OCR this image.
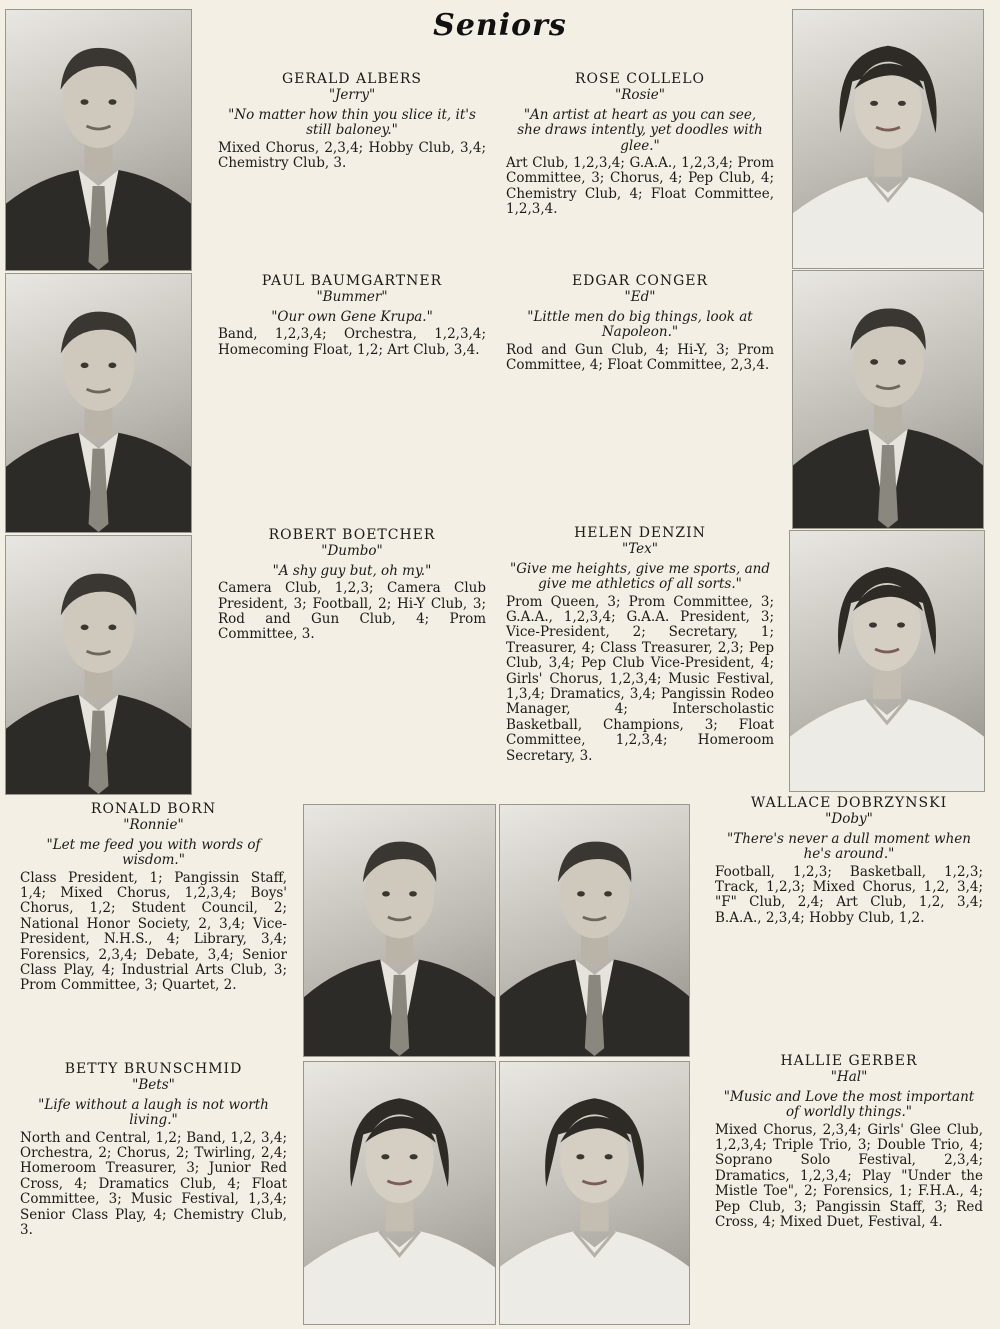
Seniors
GERALD ALBERS
"Jerry"
"No matter how thin you slice it, it's still baloney."
Mixed Chorus, 2,3,4; Hobby Club, 3,4; Chemistry Club, 3.
ROSE COLLELO
"Rosie"
"An artist at heart as you can see, she draws intently, yet doodles with glee."
Art Club, 1,2,3,4; G.A.A., 1,2,3,4; Prom Committee, 3; Chorus, 4; Pep Club, 4; Chemistry Club, 4; Float Committee, 1,2,3,4.
PAUL BAUMGARTNER
"Bummer"
"Our own Gene Krupa."
Band, 1,2,3,4; Orchestra, 1,2,3,4; Homecoming Float, 1,2; Art Club, 3,4.
EDGAR CONGER
"Ed"
"Little men do big things, look at Napoleon."
Rod and Gun Club, 4; Hi-Y, 3; Prom Committee, 4; Float Committee, 2,3,4.
ROBERT BOETCHER
"Dumbo"
"A shy guy but, oh my."
Camera Club, 1,2,3; Camera Club President, 3; Football, 2; Hi-Y Club, 3; Rod and Gun Club, 4; Prom Committee, 3.
HELEN DENZIN
"Tex"
"Give me heights, give me sports, and give me athletics of all sorts."
Prom Queen, 3; Prom Committee, 3; G.A.A., 1,2,3,4; G.A.A. President, 3; Vice-President, 2; Secretary, 1; Treasurer, 4; Class Treasurer, 2,3; Pep Club, 3,4; Pep Club Vice-President, 4; Girls' Chorus, 1,2,3,4; Music Festival, 1,3,4; Dramatics, 3,4; Pangissin Rodeo Manager, 4; Interscholastic Basketball, Champions, 3; Float Committee, 1,2,3,4; Homeroom Secretary, 3.
RONALD BORN
"Ronnie"
"Let me feed you with words of wisdom."
Class President, 1; Pangissin Staff, 1,4; Mixed Chorus, 1,2,3,4; Boys' Chorus, 1,2; Student Council, 2; National Honor Society, 2, 3,4; Vice-President, N.H.S., 4; Library, 3,4; Forensics, 2,3,4; Debate, 3,4; Senior Class Play, 4; Industrial Arts Club, 3; Prom Committee, 3; Quartet, 2.
WALLACE DOBRZYNSKI
"Doby"
"There's never a dull moment when he's around."
Football, 1,2,3; Basketball, 1,2,3; Track, 1,2,3; Mixed Chorus, 1,2, 3,4; "F" Club, 2,4; Art Club, 1,2, 3,4; B.A.A., 2,3,4; Hobby Club, 1,2.
BETTY BRUNSCHMID
"Bets"
"Life without a laugh is not worth living."
North and Central, 1,2; Band, 1,2, 3,4; Orchestra, 2; Chorus, 2; Twirling, 2,4; Homeroom Treasurer, 3; Junior Red Cross, 4; Dramatics Club, 4; Float Committee, 3; Music Festival, 1,3,4; Senior Class Play, 4; Chemistry Club, 3.
HALLIE GERBER
"Hal"
"Music and Love the most important of worldly things."
Mixed Chorus, 2,3,4; Girls' Glee Club, 1,2,3,4; Triple Trio, 3; Double Trio, 4; Soprano Solo Festival, 2,3,4; Dramatics, 1,2,3,4; Play "Under the Mistle Toe", 2; Forensics, 1; F.H.A., 4; Pep Club, 3; Pangissin Staff, 3; Red Cross, 4; Mixed Duet, Festival, 4.
